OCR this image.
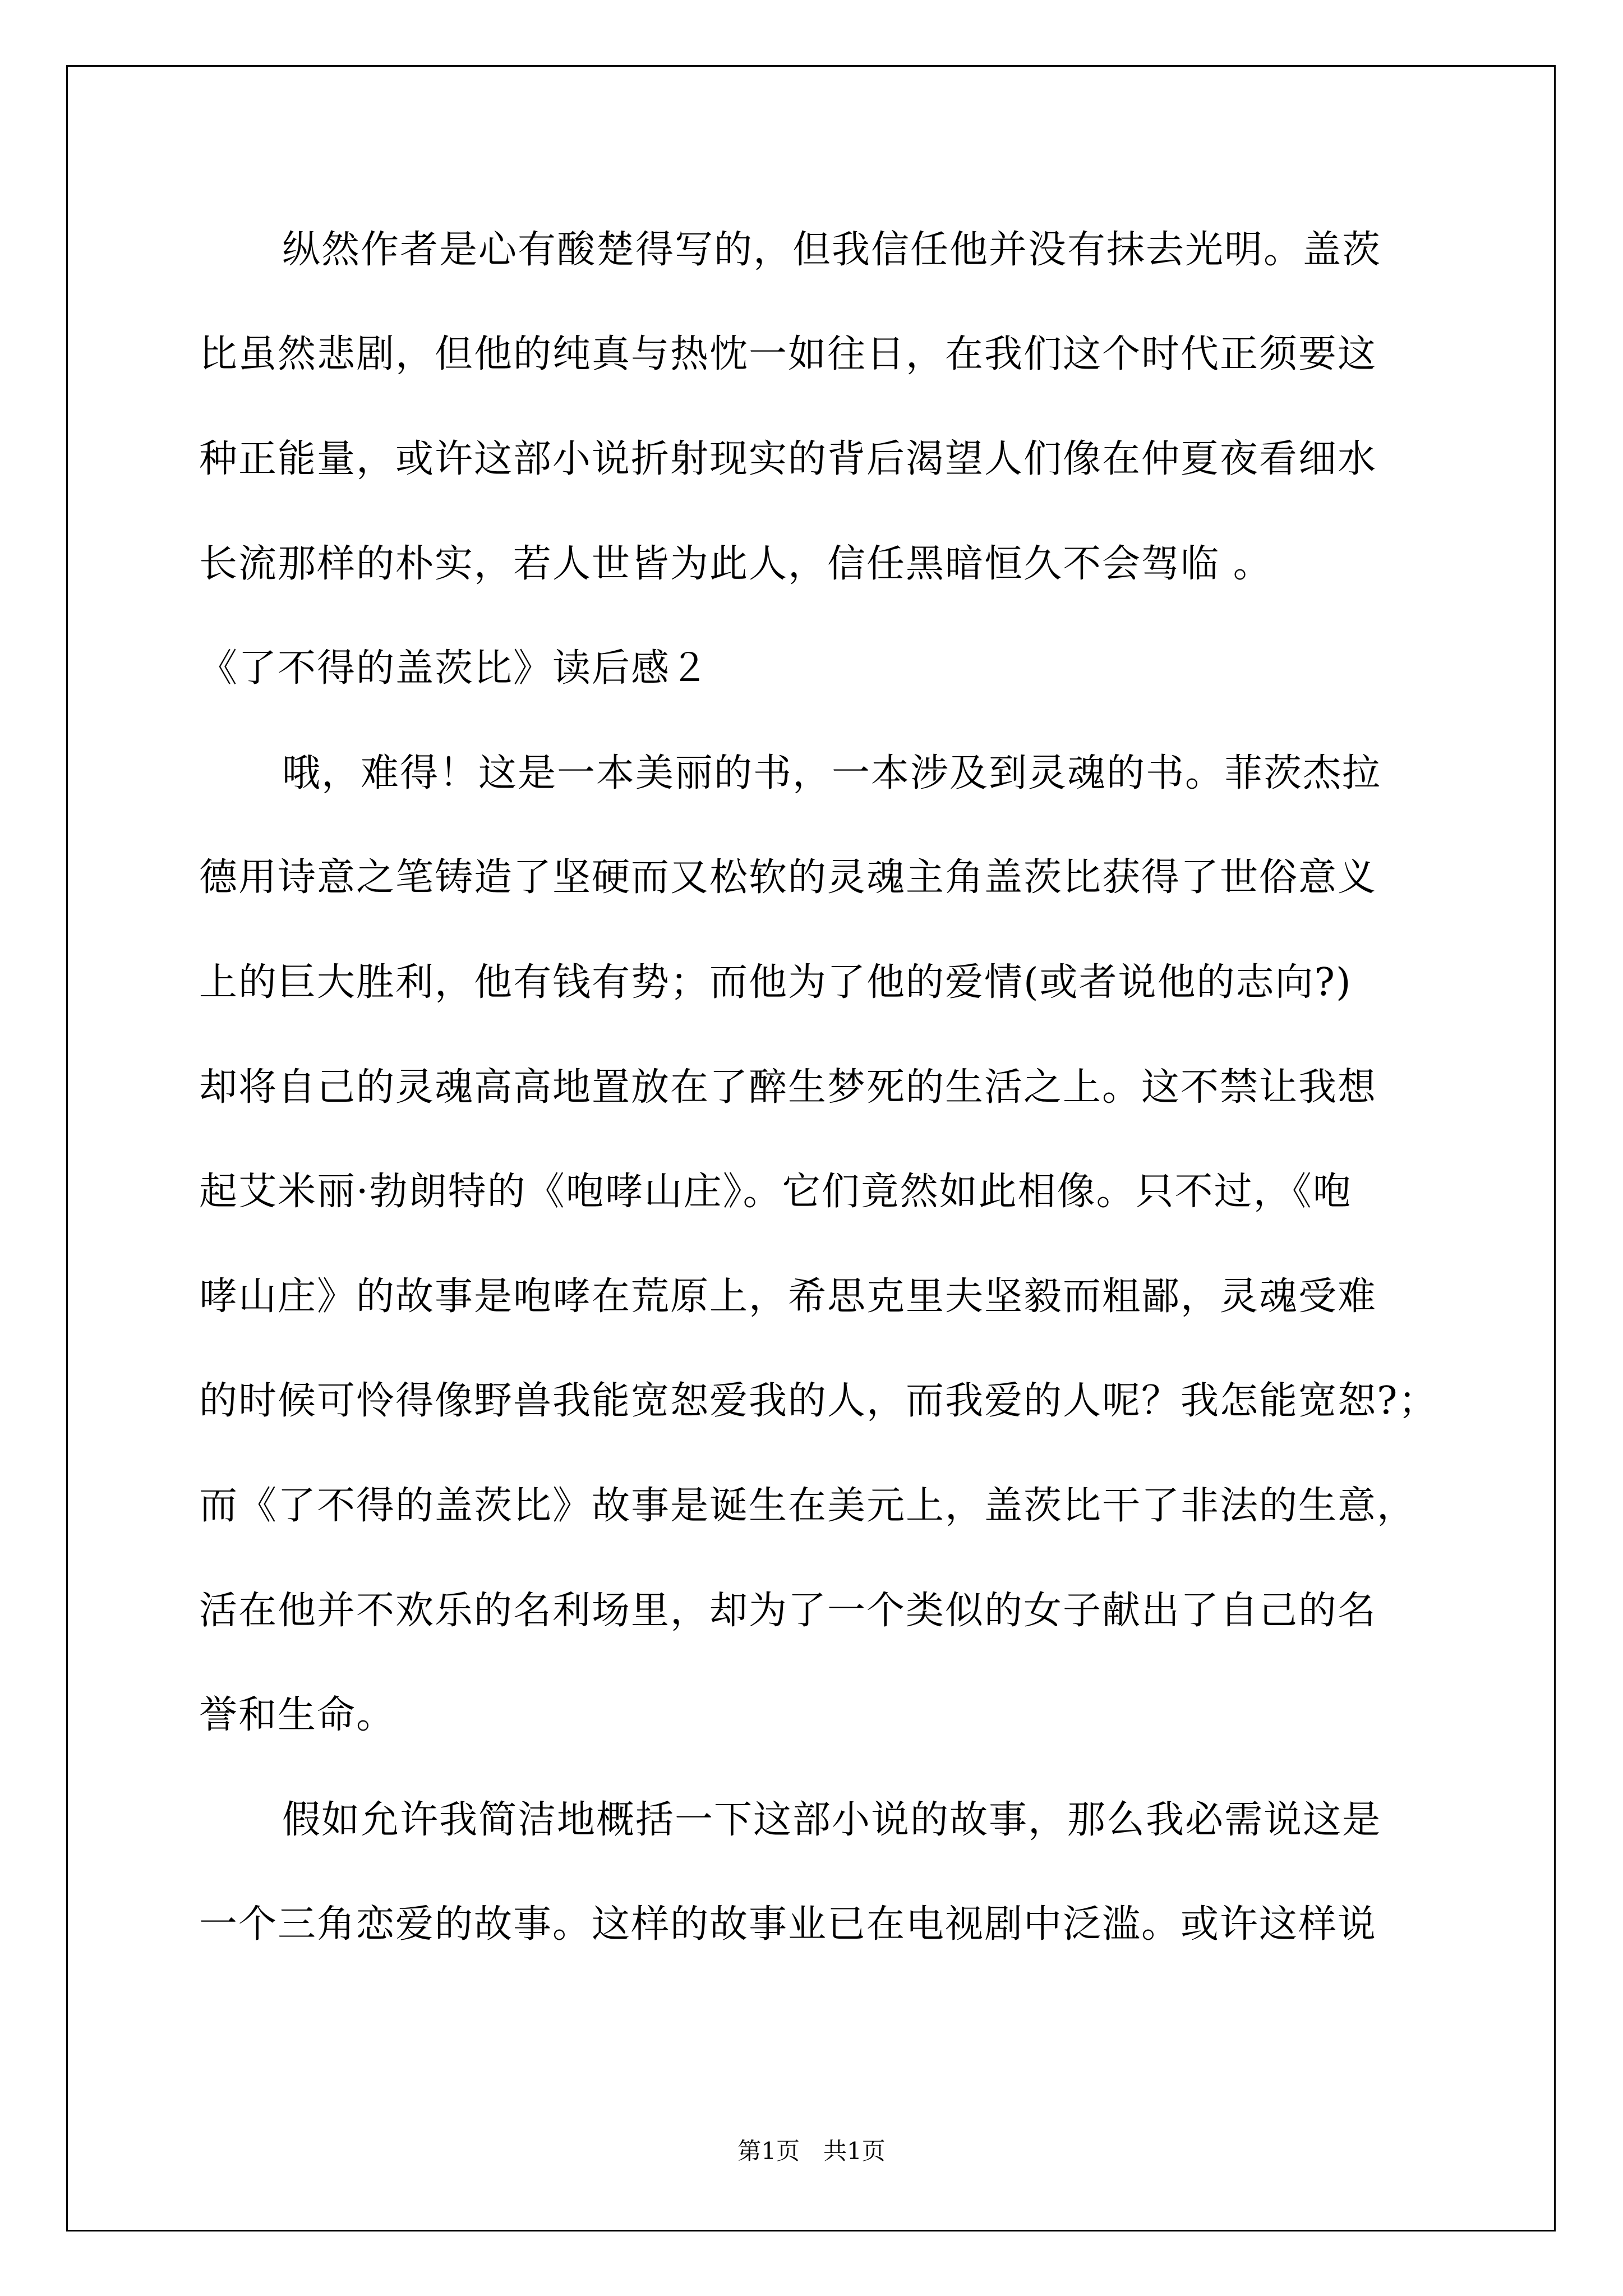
纵然作者是心有酸楚得写的，但我信任他并没有抹去光明。盖茨
比虽然悲剧，但他的纯真与热忱一如往日，在我们这个时代正须要这
种正能量，或许这部小说折射现实的背后渴望人们像在仲夏夜看细水
长流那样的朴实，若人世皆为此人，信任黑暗恒久不会驾临 。
《了不得的盖茨比》读后感２
哦，难得！这是一本美丽的书，一本涉及到灵魂的书。菲茨杰拉
德用诗意之笔铸造了坚硬而又松软的灵魂主角盖茨比获得了世俗意义
上的巨大胜利，他有钱有势；而他为了他的爱情(或者说他的志向?)
却将自己的灵魂高高地置放在了醉生梦死的生活之上。这不禁让我想
起艾米丽·勃朗特的《咆哮山庄》。它们竟然如此相像。只不过，《咆
哮山庄》的故事是咆哮在荒原上，希思克里夫坚毅而粗鄙，灵魂受难
的时候可怜得像野兽我能宽恕爱我的人，而我爱的人呢？我怎能宽恕?；
而《了不得的盖茨比》故事是诞生在美元上，盖茨比干了非法的生意，
活在他并不欢乐的名利场里，却为了一个类似的女子献出了自己的名
誉和生命。
假如允许我简洁地概括一下这部小说的故事，那么我必需说这是
一个三角恋爱的故事。这样的故事业已在电视剧中泛滥。或许这样说
第1页　共1页
